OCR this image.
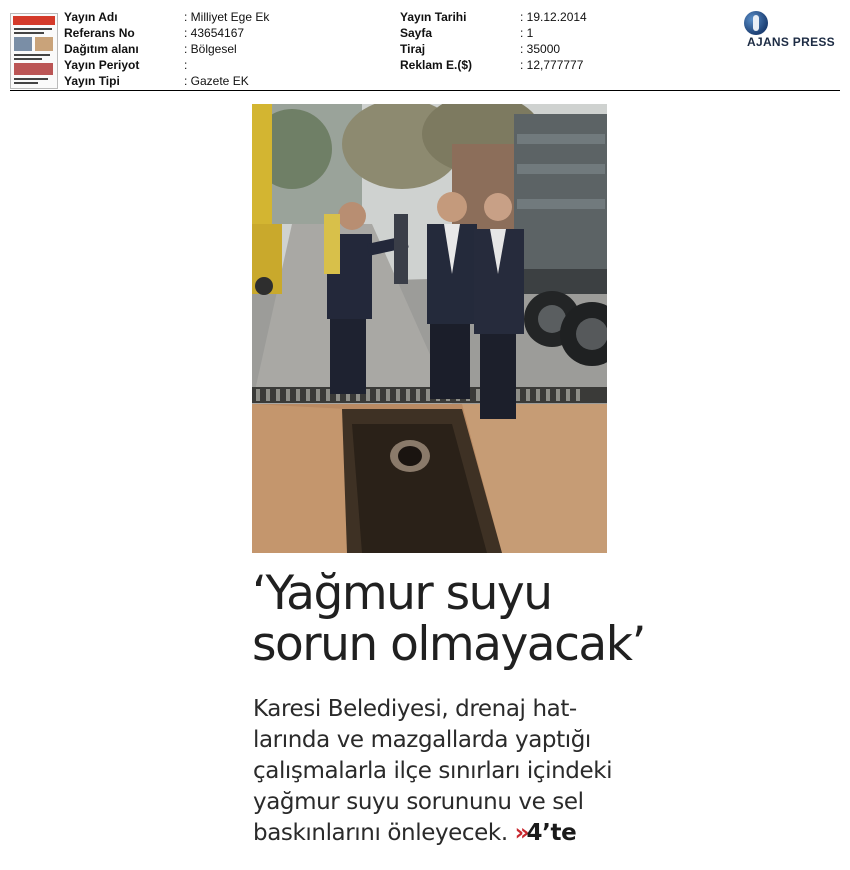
Yayın Adı
Referans No
Dağıtım alanı
Yayın Periyot
Yayın Tipi
: Milliyet Ege Ek
: 43654167
: Bölgesel
:
: Gazete EK
Yayın Tarihi
Sayfa
Tiraj
Reklam E.($)
: 19.12.2014
: 1
: 35000
: 12,777777
AJANS PRESS
‘Yağmur suyu
sorun olmayacak’
Karesi Belediyesi, drenaj hat-
larında ve mazgallarda yaptığı
çalışmalarla ilçe sınırları içindeki
yağmur suyu sorununu ve sel
baskınlarını önleyecek. »4’te
